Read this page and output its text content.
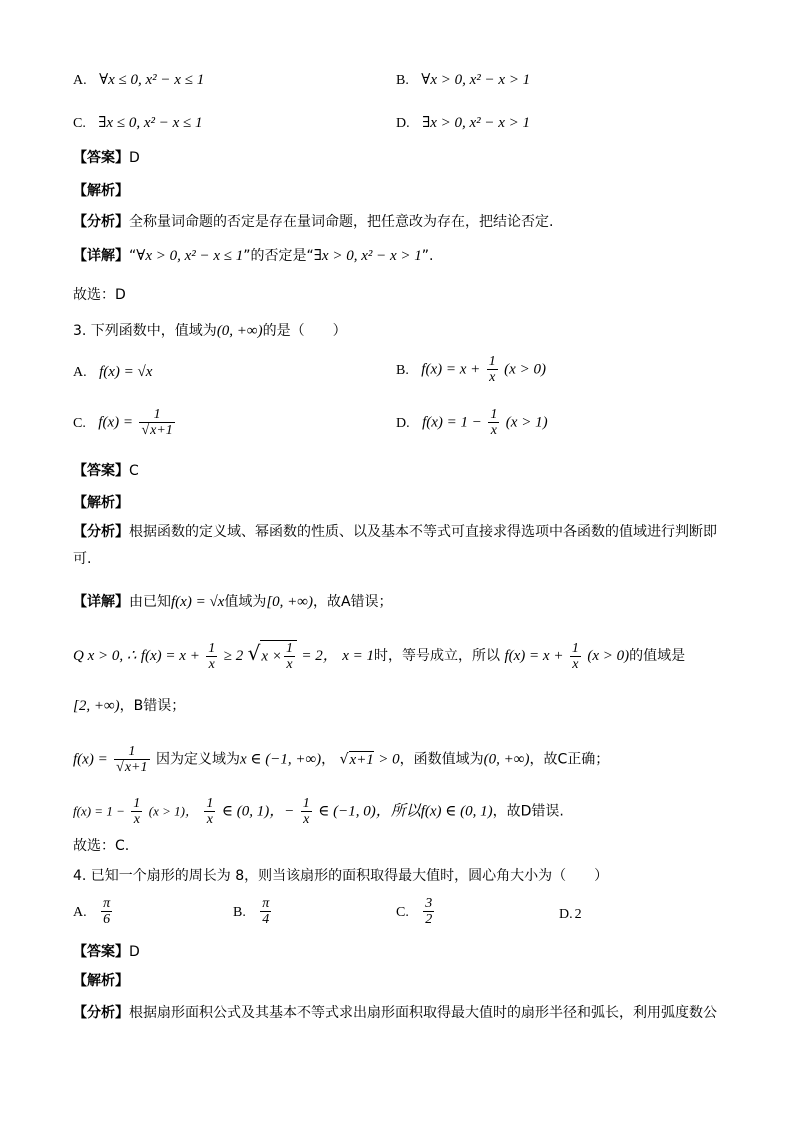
A. ∀x ≤ 0, x² − x ≤ 1	B. ∀x > 0, x² − x > 1
C. ∃x ≤ 0, x² − x ≤ 1	D. ∃x > 0, x² − x > 1
【答案】D
【解析】
【分析】全称量词命题的否定是存在量词命题，把任意改为存在，把结论否定.
【详解】“∀x > 0, x² − x ≤ 1”的否定是“∃x > 0, x² − x > 1”.
故选：D
3. 下列函数中，值域为(0, +∞)的是（　　）
A. f(x) = √x	B. $f(x) = x + \frac{1}{x} (x > 0)$
C. $f(x) = \frac{1}{√x+1}$	D. $f(x) = 1 - \frac{1}{x} (x > 1)$
【答案】C
【解析】
【分析】根据函数的定义域、幂函数的性质、以及基本不等式可直接求得选项中各函数的值域进行判断即可.
【详解】由已知f(x) = √x值域为[0, +∞)，故A错误；
Q x > 0, ∴ $f(x) = x + \frac{1}{x} \ge 2$ $√x \times \frac{1}{x} = 2$， x = 1时，等号成立，所以 $f(x) = x + \frac{1}{x} (x > 0)$的值域是
[2, +∞)，B错误；
$f(x) = \frac{1}{√x+1}$ 因为定义域为x ∈ (−1, +∞)， √x+1 > 0，函数值域为(0, +∞)，故C正确；
$f(x) = 1 - \frac{1}{x} (x > 1)$， $\frac{1}{x}$ ∈ (0, 1)，− $\frac{1}{x}$ ∈ (−1, 0)，所以f(x) ∈ (0, 1)，故D错误.
故选：C.
4. 已知一个扇形的周长为 8，则当该扇形的面积取得最大值时，圆心角大小为（　　）
A. $\frac{\pi}{6}$	B. $\frac{\pi}{4}$	C. $\frac{3}{2}$	D. 2
【答案】D
【解析】
【分析】根据扇形面积公式及其基本不等式求出扇形面积取得最大值时的扇形半径和弧长，利用弧度数公
